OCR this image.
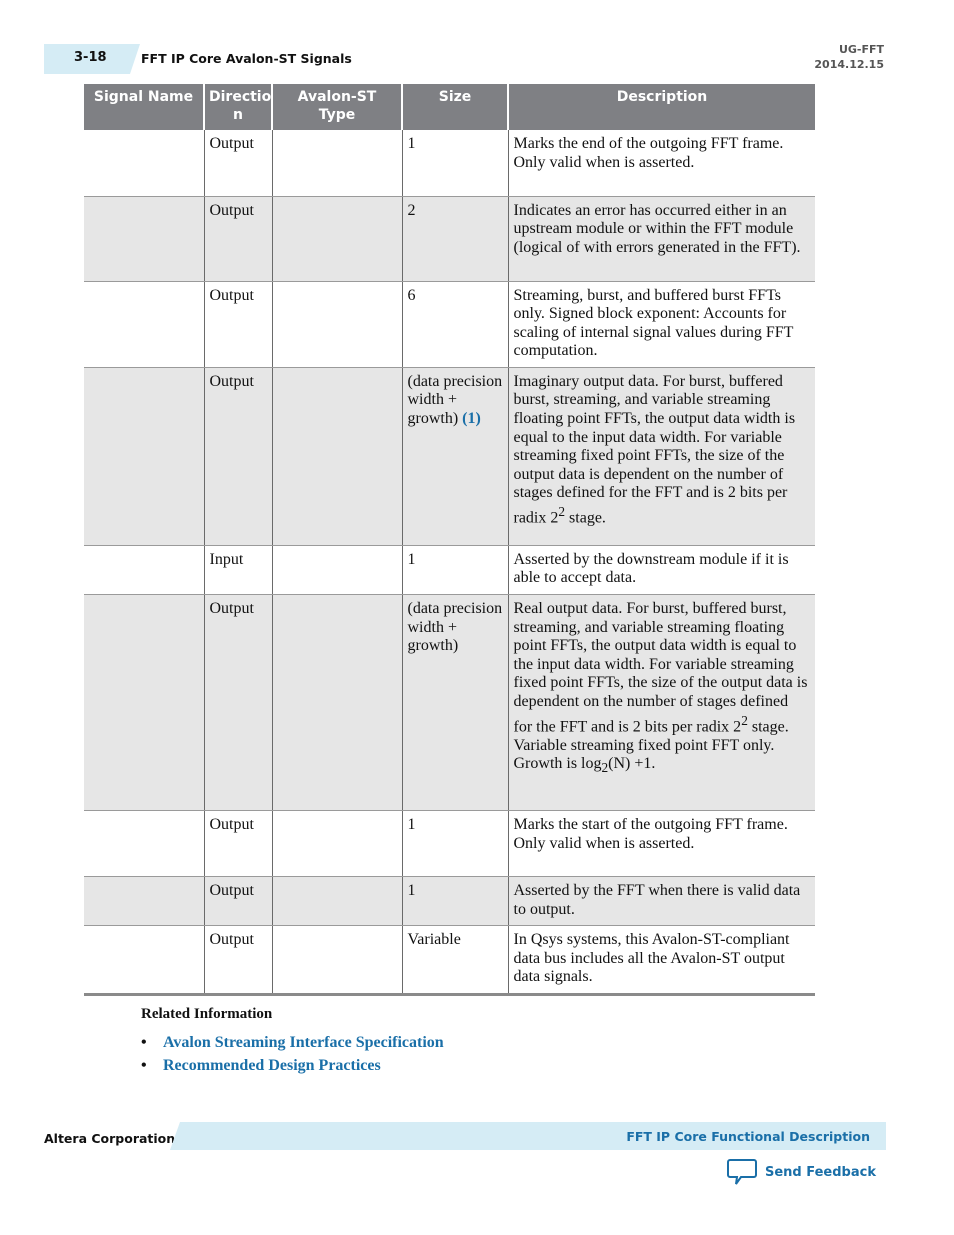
3-18	FFT IP Core Avalon-ST Signals
UG-FFT
2014.12.15
Signal Name	Directio n	Avalon-ST Type	Size	Description
	Output		1	Marks the end of the outgoing FFT frame. Only valid when is asserted.
	Output		2	Indicates an error has occurred either in an upstream module or within the FFT module (logical of with errors generated in the FFT).
	Output		6	Streaming, burst, and buffered burst FFTs only. Signed block exponent: Accounts for scaling of internal signal values during FFT computation.
	Output		(data precision width + growth) (1)	Imaginary output data. For burst, buffered burst, streaming, and variable streaming floating point FFTs, the output data width is equal to the input data width. For variable streaming fixed point FFTs, the size of the output data is dependent on the number of stages defined for the FFT and is 2 bits per radix $2^2$ stage.
	Input		1	Asserted by the downstream module if it is able to accept data.
	Output		(data precision width + growth)	Real output data. For burst, buffered burst, streaming, and variable streaming floating point FFTs, the output data width is equal to the input data width. For variable streaming fixed point FFTs, the size of the output data is dependent on the number of stages defined for the FFT and is 2 bits per radix $2^2$ stage. Variable streaming fixed point FFT only. Growth is $\log_2(N) +1$.
	Output		1	Marks the start of the outgoing FFT frame. Only valid when is asserted.
	Output		1	Asserted by the FFT when there is valid data to output.
	Output		Variable	In Qsys systems, this Avalon-ST-compliant data bus includes all the Avalon-ST output data signals.
Related Information
• Avalon Streaming Interface Specification
• Recommended Design Practices
Altera Corporation	FFT IP Core Functional Description
Send Feedback
